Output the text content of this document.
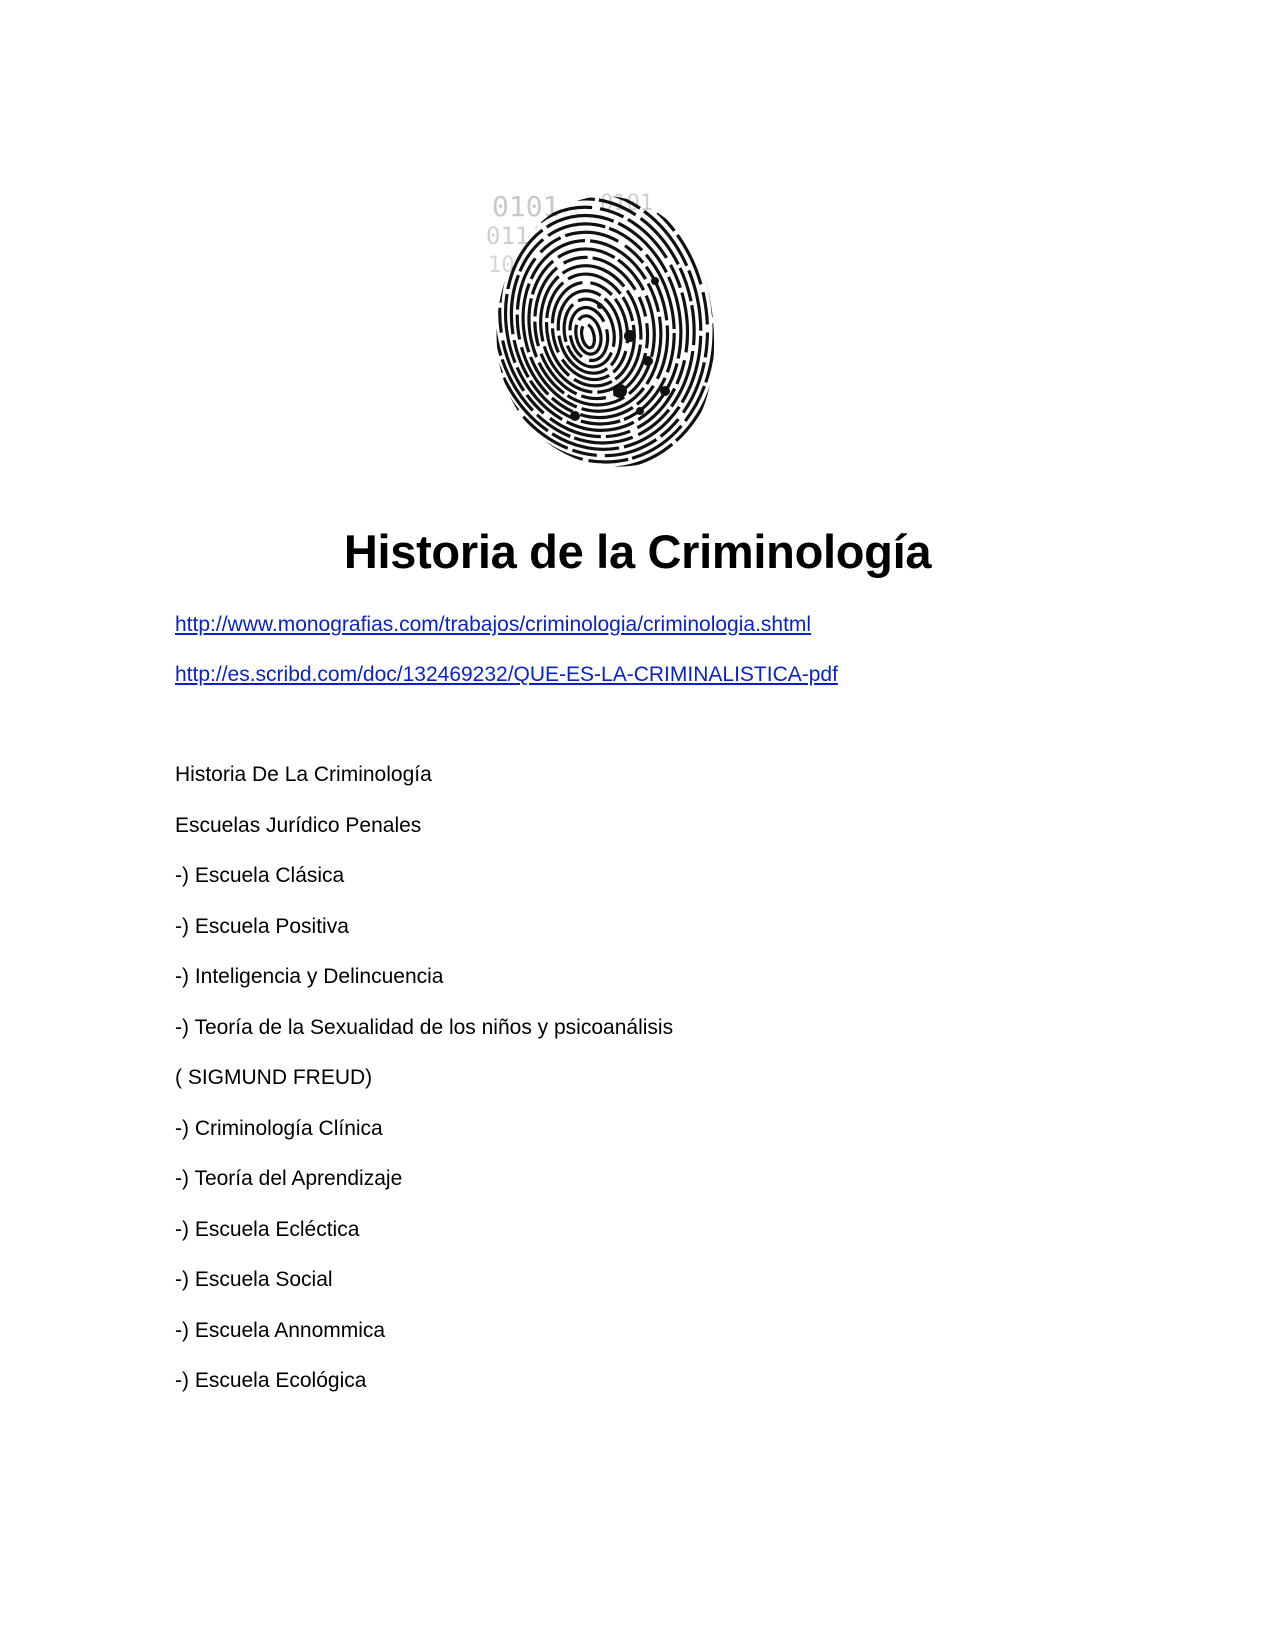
0101 0101
011
10
Historia de la Criminología
http://www.monografias.com/trabajos/criminologia/criminologia.shtml
http://es.scribd.com/doc/132469232/QUE-ES-LA-CRIMINALISTICA-pdf

Historia De La Criminología

Escuelas Jurídico Penales

-) Escuela Clásica

-) Escuela Positiva

-) Inteligencia y Delincuencia

-) Teoría de la Sexualidad de los niños y psicoanálisis

( SIGMUND FREUD)

-) Criminología Clínica

-) Teoría del Aprendizaje

-) Escuela Ecléctica

-) Escuela Social

-) Escuela Annommica

-) Escuela Ecológica
